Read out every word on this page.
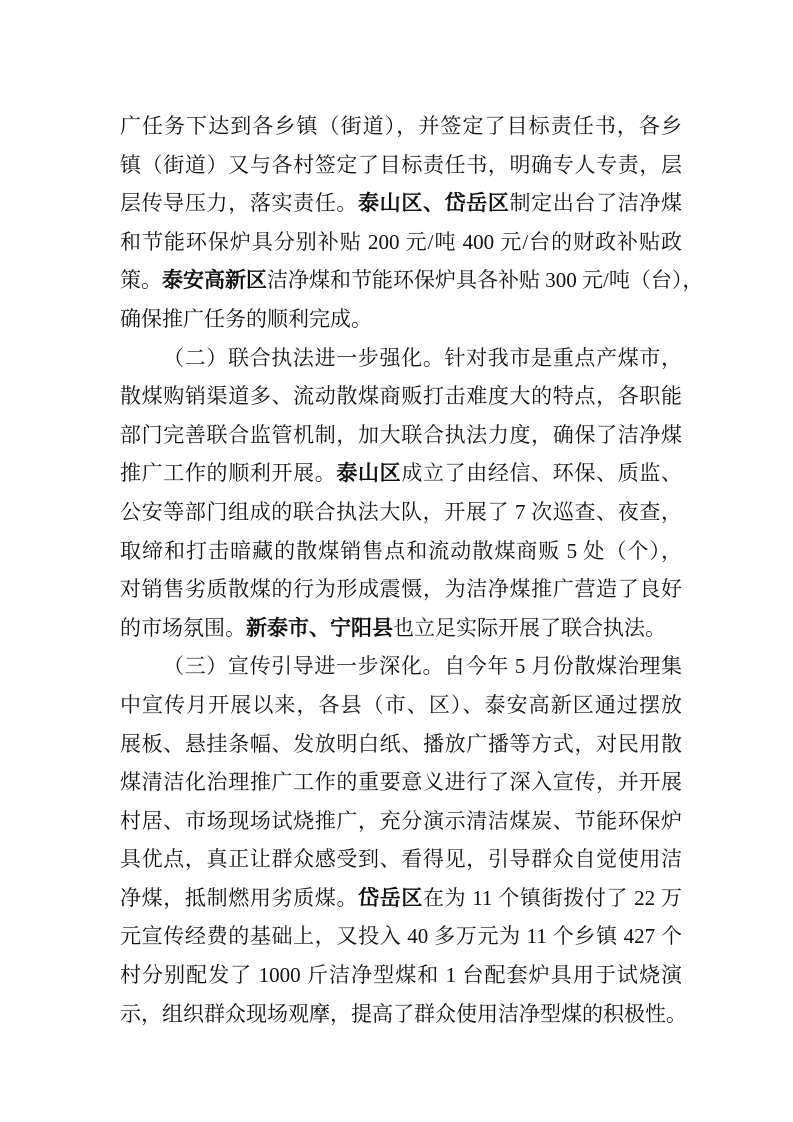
广任务下达到各乡镇（街道），并签定了目标责任书，各乡
镇（街道）又与各村签定了目标责任书，明确专人专责，层
层传导压力，落实责任。泰山区、岱岳区制定出台了洁净煤
和节能环保炉具分别补贴 200 元/吨 400 元/台的财政补贴政
策。泰安高新区洁净煤和节能环保炉具各补贴 300 元/吨（台），
确保推广任务的顺利完成。
（二）联合执法进一步强化。针对我市是重点产煤市，
散煤购销渠道多、流动散煤商贩打击难度大的特点，各职能
部门完善联合监管机制，加大联合执法力度，确保了洁净煤
推广工作的顺利开展。泰山区成立了由经信、环保、质监、
公安等部门组成的联合执法大队，开展了 7 次巡查、夜查，
取缔和打击暗藏的散煤销售点和流动散煤商贩 5 处（个），
对销售劣质散煤的行为形成震慑，为洁净煤推广营造了良好
的市场氛围。新泰市、宁阳县也立足实际开展了联合执法。
（三）宣传引导进一步深化。自今年 5 月份散煤治理集
中宣传月开展以来，各县（市、区）、泰安高新区通过摆放
展板、悬挂条幅、发放明白纸、播放广播等方式，对民用散
煤清洁化治理推广工作的重要意义进行了深入宣传，并开展
村居、市场现场试烧推广，充分演示清洁煤炭、节能环保炉
具优点，真正让群众感受到、看得见，引导群众自觉使用洁
净煤，抵制燃用劣质煤。岱岳区在为 11 个镇街拨付了 22 万
元宣传经费的基础上，又投入 40 多万元为 11 个乡镇 427 个
村分别配发了 1000 斤洁净型煤和 1 台配套炉具用于试烧演
示，组织群众现场观摩，提高了群众使用洁净型煤的积极性。
